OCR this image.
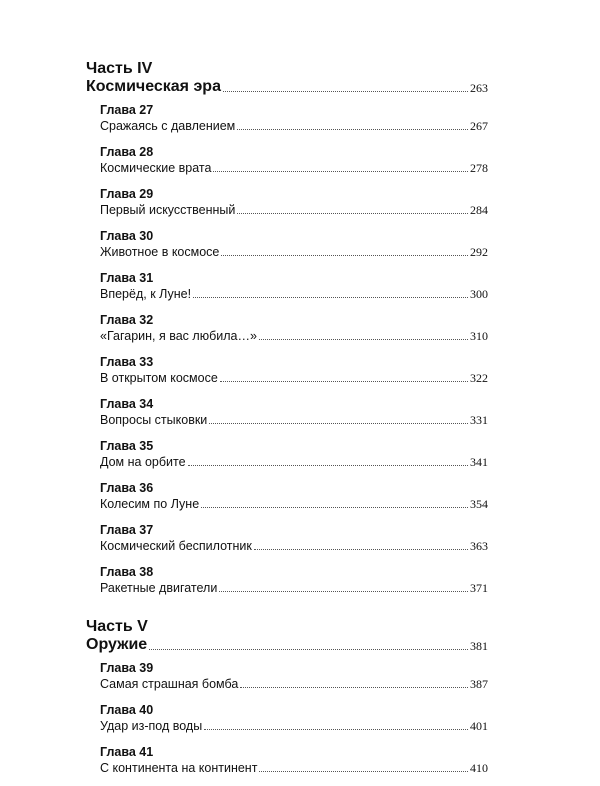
Часть IV
Космическая эра	263
Глава 27
Сражаясь с давлением	267
Глава 28
Космические врата	278
Глава 29
Первый искусственный	284
Глава 30
Животное в космосе	292
Глава 31
Вперёд, к Луне!	300
Глава 32
«Гагарин, я вас любила…»	310
Глава 33
В открытом космосе	322
Глава 34
Вопросы стыковки	331
Глава 35
Дом на орбите	341
Глава 36
Колесим по Луне	354
Глава 37
Космический беспилотник	363
Глава 38
Ракетные двигатели	371
Часть V
Оружие	381
Глава 39
Самая страшная бомба	387
Глава 40
Удар из-под воды	401
Глава 41
С континента на континент	410
